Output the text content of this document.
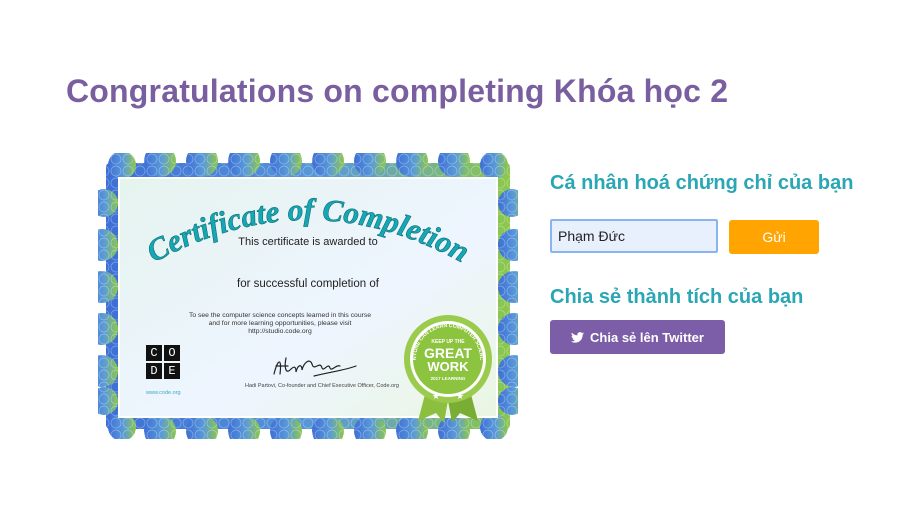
Congratulations on completing Khóa học 2
Certificate of Completion
This certificate is awarded to
for successful completion of
To see the computer science concepts learned in this course
and for more learning opportunities, please visit
http://studio.code.org
C O
D E
www.code.org
Hadi Partovi, Co-founder and Chief Executive Officer, Code.org
NYONE CAN LEARN COMPUTER SCIENC
KEEP UP THE
GREAT
WORK
2017 LEARNING
★ ★
Cá nhân hoá chứng chỉ của bạn
Phạm Đức
Gửi
Chia sẻ thành tích của bạn
Chia sẻ lên Twitter
